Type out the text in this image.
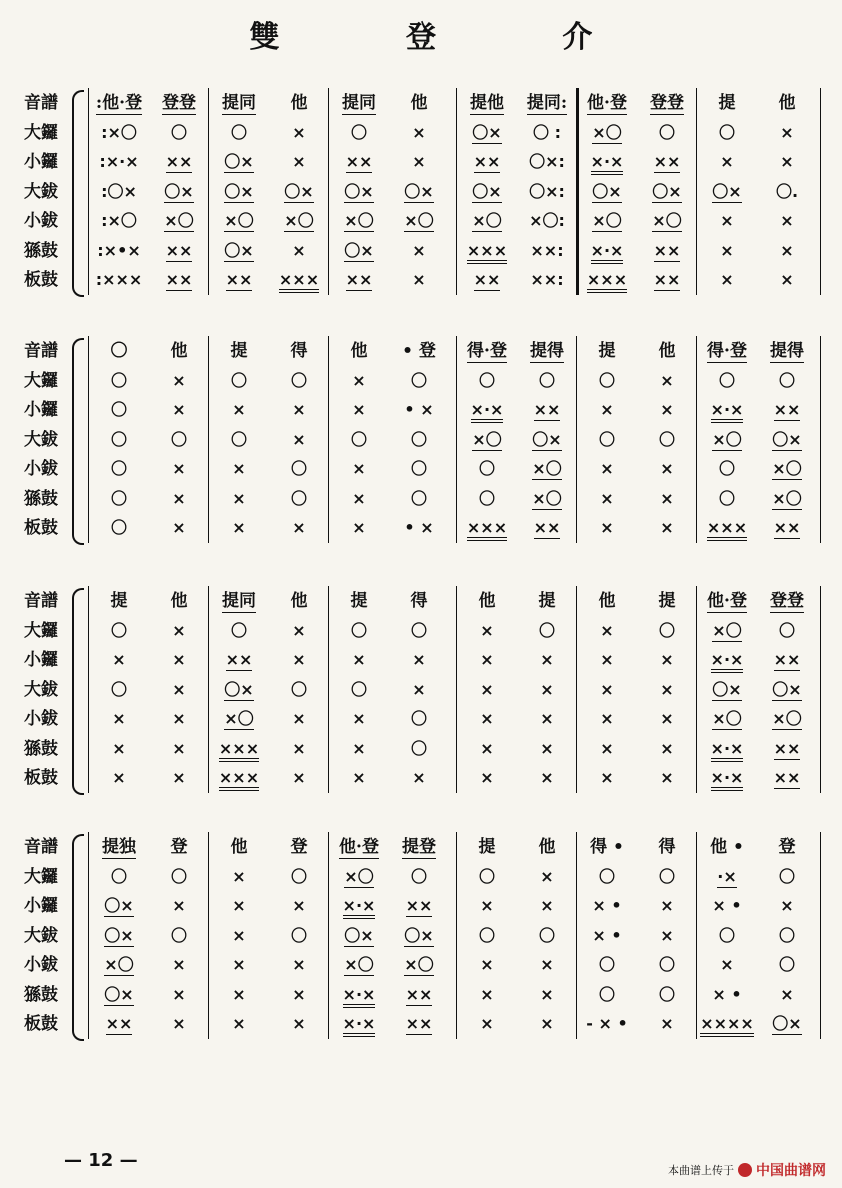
雙 登 介
音譜	:他·登	登登	提同	他	提同	他	提他	提同:	他·登	登登	提	他
大鑼	:×〇	〇	〇	×	〇	×	〇×	〇 :	×〇	〇	〇	×
小鑼	:×·×	××	〇×	×	××	×	××	〇×:	×·×	××	×	×
大鈸	:〇×	〇×	〇×	〇×	〇×	〇×	〇×	〇×:	〇×	〇×	〇×	〇.
小鈸	:×〇	×〇	×〇	×〇	×〇	×〇	×〇	×〇:	×〇	×〇	×	×
猻鼓	:×•×	××	〇×	×	〇×	×	×××	××:	×·×	××	×	×
板鼓	:×××	××	××	×××	××	×	××	××:	×××	××	×	×
音譜	〇	他	提	得	他	• 登	得·登	提得	提	他	得·登	提得
大鑼	〇	×	〇	〇	×	〇	〇	〇	〇	×	〇	〇
小鑼	〇	×	×	×	×	• ×	×·×	××	×	×	×·×	××
大鈸	〇	〇	〇	×	〇	〇	×〇	〇×	〇	〇	×〇	〇×
小鈸	〇	×	×	〇	×	〇	〇	×〇	×	×	〇	×〇
猻鼓	〇	×	×	〇	×	〇	〇	×〇	×	×	〇	×〇
板鼓	〇	×	×	×	×	• ×	×××	××	×	×	×××	××
音譜	提	他	提同	他	提	得	他	提	他	提	他·登	登登
大鑼	〇	×	〇	×	〇	〇	×	〇	×	〇	×〇	〇
小鑼	×	×	××	×	×	×	×	×	×	×	×·×	××
大鈸	〇	×	〇×	〇	〇	×	×	×	×	×	〇×	〇×
小鈸	×	×	×〇	×	×	〇	×	×	×	×	×〇	×〇
猻鼓	×	×	×××	×	×	〇	×	×	×	×	×·×	××
板鼓	×	×	×××	×	×	×	×	×	×	×	×·×	××
音譜	提独	登	他	登	他·登	提登	提	他	得 •	得	他 •	登
大鑼	〇	〇	×	〇	×〇	〇	〇	×	〇	〇	·×	〇
小鑼	〇×	×	×	×	×·×	××	×	×	× •	×	× •	×
大鈸	〇×	〇	×	〇	〇×	〇×	〇	〇	× •	×	〇	〇
小鈸	×〇	×	×	×	×〇	×〇	×	×	〇	〇	×	〇
猻鼓	〇×	×	×	×	×·×	××	×	×	〇	〇	× •	×
板鼓	××	×	×	×	×·×	××	×	×	- × •	×	××××	〇×
— 12 —	本曲谱上传于 中国曲谱网
